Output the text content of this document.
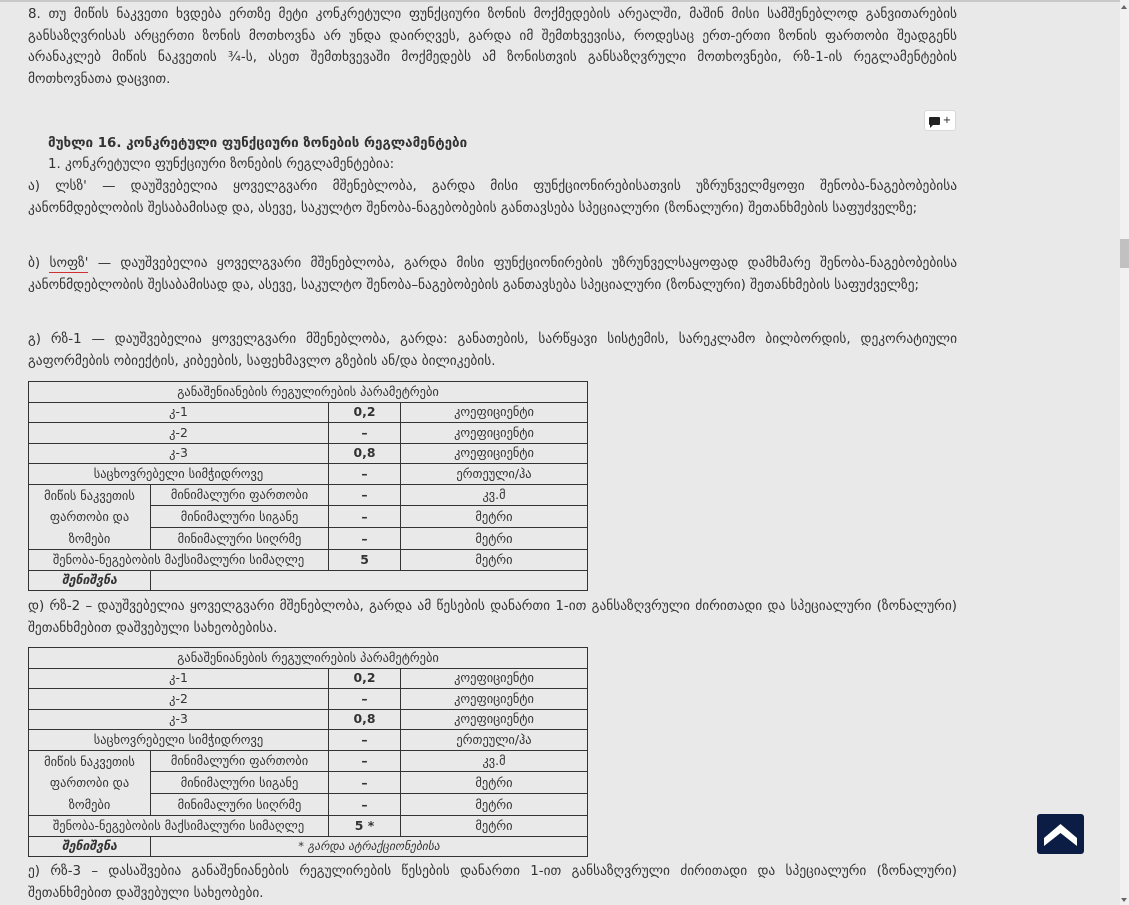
8. თუ მიწის ნაკვეთი ხვდება ერთზე მეტი კონკრეტული ფუნქციური ზონის მოქმედების არეალში, მაშინ მისი სამშენებლოდ განვითარების განსაზღვრისას არცერთი ზონის მოთხოვნა არ უნდა დაირღვეს, გარდა იმ შემთხვევისა, როდესაც ერთ-ერთი ზონის ფართობი შეადგენს არანაკლებ მიწის ნაკვეთის ¾-ს, ასეთ შემთხვევაში მოქმედებს ამ ზონისთვის განსაზღვრული მოთხოვნები, რზ-1-ის რეგლამენტების მოთხოვნათა დაცვით.

+
მუხლი 16. კონკრეტული ფუნქციური ზონების რეგლამენტები
1. კონკრეტული ფუნქციური ზონების რეგლამენტებია:

ა) ლსზ' — დაუშვებელია ყოველგვარი მშენებლობა, გარდა მისი ფუნქციონირებისათვის უზრუნველმყოფი შენობა-ნაგებობებისა კანონმდებლობის შესაბამისად და, ასევე, საკულტო შენობა-ნაგებობების განთავსება სპეციალური (ზონალური) შეთანხმების საფუძველზე;

ბ) სოფზ' — დაუშვებელია ყოველგვარი მშენებლობა, გარდა მისი ფუნქციონირების უზრუნველსაყოფად დამხმარე შენობა-ნაგებობებისა კანონმდებლობის შესაბამისად და, ასევე, საკულტო შენობა–ნაგებობების განთავსება სპეციალური (ზონალური) შეთანხმების საფუძველზე;

გ) რზ-1 — დაუშვებელია ყოველგვარი მშენებლობა, გარდა: განათების, სარწყავი სისტემის, სარეკლამო ბილბორდის, დეკორატიული გაფორმების ობიექტის, კიბეების, საფეხმავლო გზების ან/და ბილიკების.

დ) რზ-2 – დაუშვებელია ყოველგვარი მშენებლობა, გარდა ამ წესების დანართი 1-ით განსაზღვრული ძირითადი და სპეციალური (ზონალური) შეთანხმებით დაშვებული სახეობებისა.

ე) რზ-3 – დასაშვებია განაშენიანების რეგულირების წესების დანართი 1-ით განსაზღვრული ძირითადი და სპეციალური (ზონალური) შეთანხმებით დაშვებული სახეობები.

განაშენიანების რეგულირების პარამეტრები			
კ-1		0,2	კოეფიციენტი
კ-2		–	კოეფიციენტი
კ-3		0,8	კოეფიციენტი
საცხოვრებელი სიმჭიდროვე		–	ერთეული/ჰა
მიწის ნაკვეთის
ფართობი და
ზომები	მინიმალური ფართობი	–	კვ.მ
	მინიმალური სიგანე	–	მეტრი
	მინიმალური სიღრმე	–	მეტრი
შენობა-ნეგებობის მაქსიმალური სიმაღლე		5	მეტრი
შენიშვნა			
განაშენიანების რეგულირების პარამეტრები			
კ-1		0,2	კოეფიციენტი
კ-2		–	კოეფიციენტი
კ-3		0,8	კოეფიციენტი
საცხოვრებელი სიმჭიდროვე		–	ერთეული/ჰა
მიწის ნაკვეთის
ფართობი და
ზომები	მინიმალური ფართობი	–	კვ.მ
	მინიმალური სიგანე	–	მეტრი
	მინიმალური სიღრმე	–	მეტრი
შენობა-ნეგებობის მაქსიმალური სიმაღლე		5 *	მეტრი
შენიშვნა	* გარდა ატრაქციონებისა		
